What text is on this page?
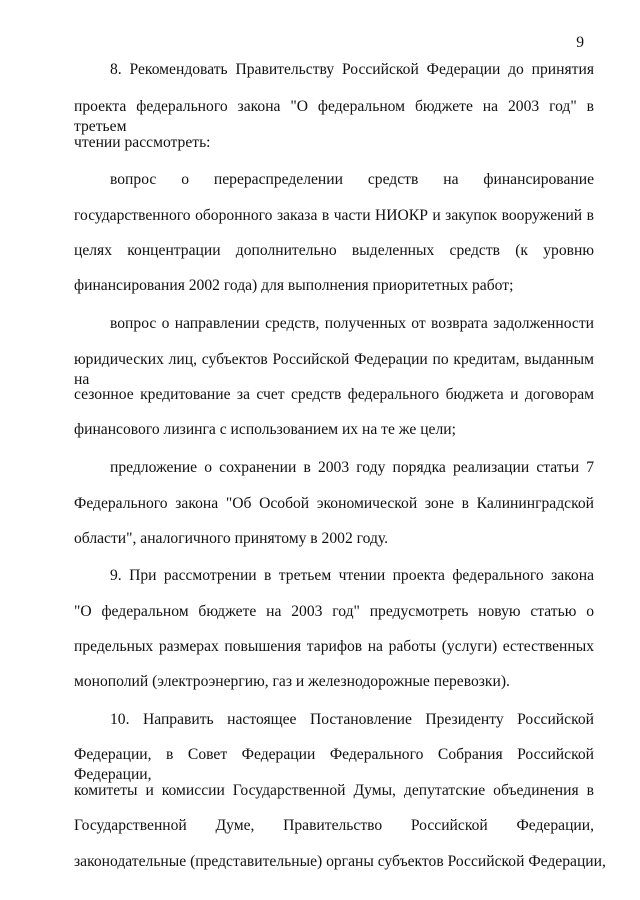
9
8. Рекомендовать Правительству Российской Федерации до принятия
проекта федерального закона "О федеральном бюджете на 2003 год" в третьем
чтении рассмотреть:
вопрос о перераспределении средств на финансирование
государственного оборонного заказа в части НИОКР и закупок вооружений в
целях концентрации дополнительно выделенных средств (к уровню
финансирования 2002 года) для выполнения приоритетных работ;
вопрос о направлении средств, полученных от возврата задолженности
юридических лиц, субъектов Российской Федерации по кредитам, выданным на
сезонное кредитование за счет средств федерального бюджета и договорам
финансового лизинга с использованием их на те же цели;
предложение о сохранении в 2003 году порядка реализации статьи 7
Федерального закона "Об Особой экономической зоне в Калининградской
области", аналогичного принятому в 2002 году.
9. При рассмотрении в третьем чтении проекта федерального закона
"О федеральном бюджете на 2003 год" предусмотреть новую статью о
предельных размерах повышения тарифов на работы (услуги) естественных
монополий (электроэнергию, газ и железнодорожные перевозки).
10. Направить настоящее Постановление Президенту Российской
Федерации, в Совет Федерации Федерального Собрания Российской Федерации,
комитеты и комиссии Государственной Думы, депутатские объединения в
Государственной Думе, Правительство Российской Федерации,
законодательные (представительные) органы субъектов Российской Федерации,
